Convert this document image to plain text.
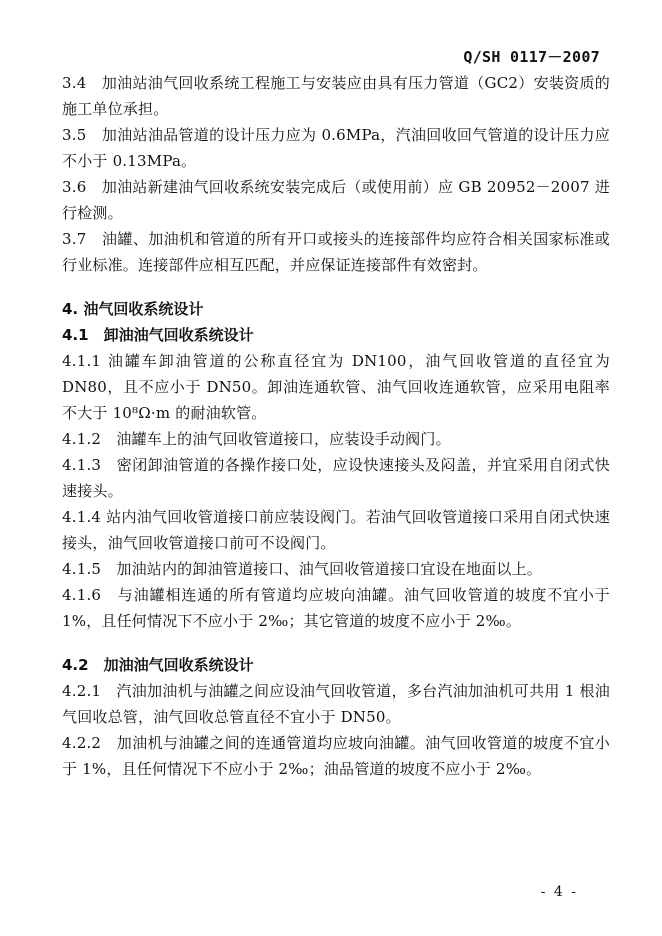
Q/SH 0117－2007

3.4　加油站油气回收系统工程施工与安装应由具有压力管道（GC2）安装资质的施工单位承担。

3.5　加油站油品管道的设计压力应为 0.6MPa，汽油回收回气管道的设计压力应不小于 0.13MPa。

3.6　加油站新建油气回收系统安装完成后（或使用前）应 GB 20952－2007 进行检测。

3.7　油罐、加油机和管道的所有开口或接头的连接部件均应符合相关国家标准或行业标准。连接部件应相互匹配，并应保证连接部件有效密封。

4. 油气回收系统设计

4.1　卸油油气回收系统设计

4.1.1 油罐车卸油管道的公称直径宜为 DN100，油气回收管道的直径宜为 DN80，且不应小于 DN50。卸油连通软管、油气回收连通软管，应采用电阻率不大于 10⁸Ω·m 的耐油软管。

4.1.2　油罐车上的油气回收管道接口，应装设手动阀门。

4.1.3　密闭卸油管道的各操作接口处，应设快速接头及闷盖，并宜采用自闭式快速接头。

4.1.4 站内油气回收管道接口前应装设阀门。若油气回收管道接口采用自闭式快速接头，油气回收管道接口前可不设阀门。

4.1.5　加油站内的卸油管道接口、油气回收管道接口宜设在地面以上。

4.1.6　与油罐相连通的所有管道均应坡向油罐。油气回收管道的坡度不宜小于 1%，且任何情况下不应小于 2‰；其它管道的坡度不应小于 2‰。

4.2　加油油气回收系统设计

4.2.1　汽油加油机与油罐之间应设油气回收管道，多台汽油加油机可共用 1 根油气回收总管，油气回收总管直径不宜小于 DN50。

4.2.2　加油机与油罐之间的连通管道均应坡向油罐。油气回收管道的坡度不宜小于 1%，且任何情况下不应小于 2‰；油品管道的坡度不应小于 2‰。

- 4 -
